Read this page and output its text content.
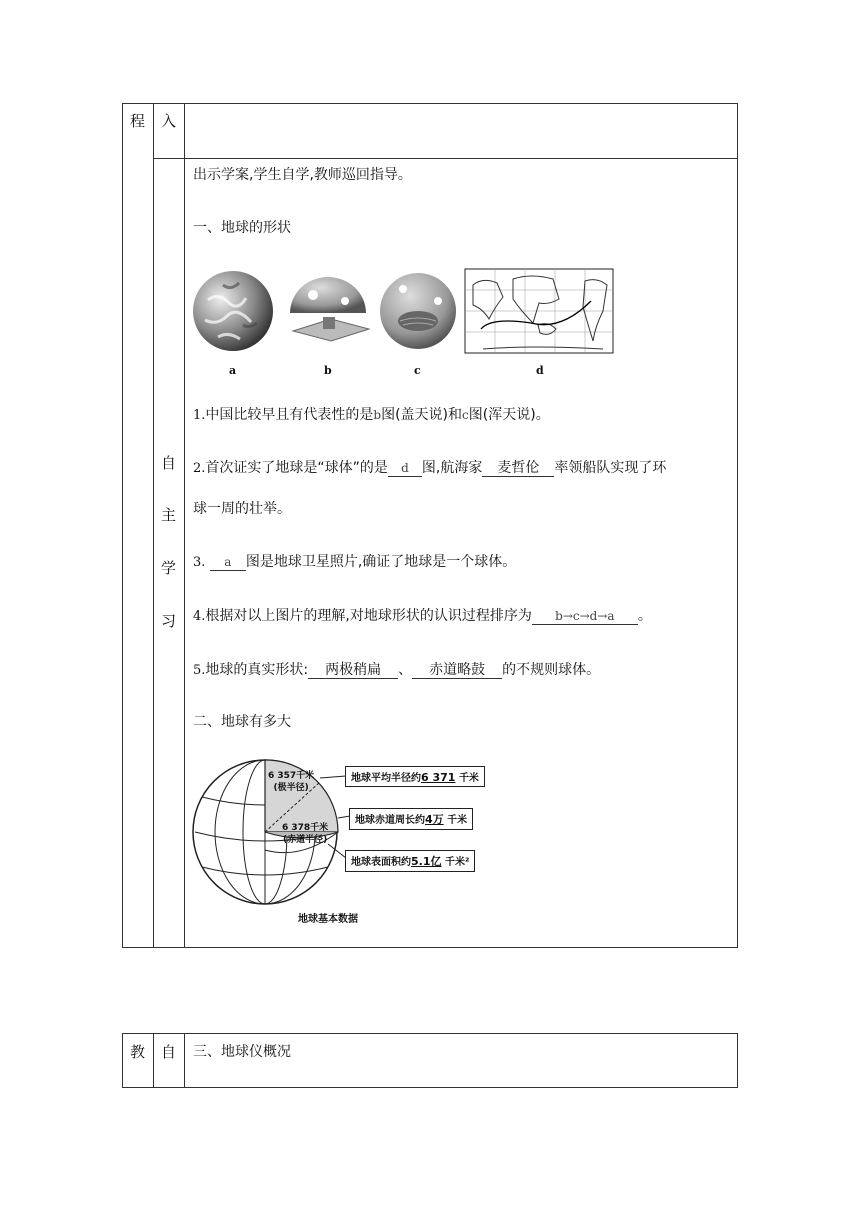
程 入
自
主
学
习
出示学案,学生自学,教师巡回指导。
一、地球的形状
a	b	c	d
1.中国比较早且有代表性的是b图(盖天说)和c图(浑天说)。
2.首次证实了地球是“球体”的是 d 图,航海家 麦哲伦 率领船队实现了环
球一周的壮举。
3. a 图是地球卫星照片,确证了地球是一个球体。
4.根据对以上图片的理解,对地球形状的认识过程排序为 b→c→d→a 。
5.地球的真实形状: 两极稍扁 、 赤道略鼓 的不规则球体。
二、地球有多大
6 357千米
(极半径)
6 378千米
(赤道半径)
地球平均半径约6 371 千米
地球赤道周长约4万 千米
地球表面积约5.1亿 千米²
地球基本数据
教 自 三、地球仪概况
